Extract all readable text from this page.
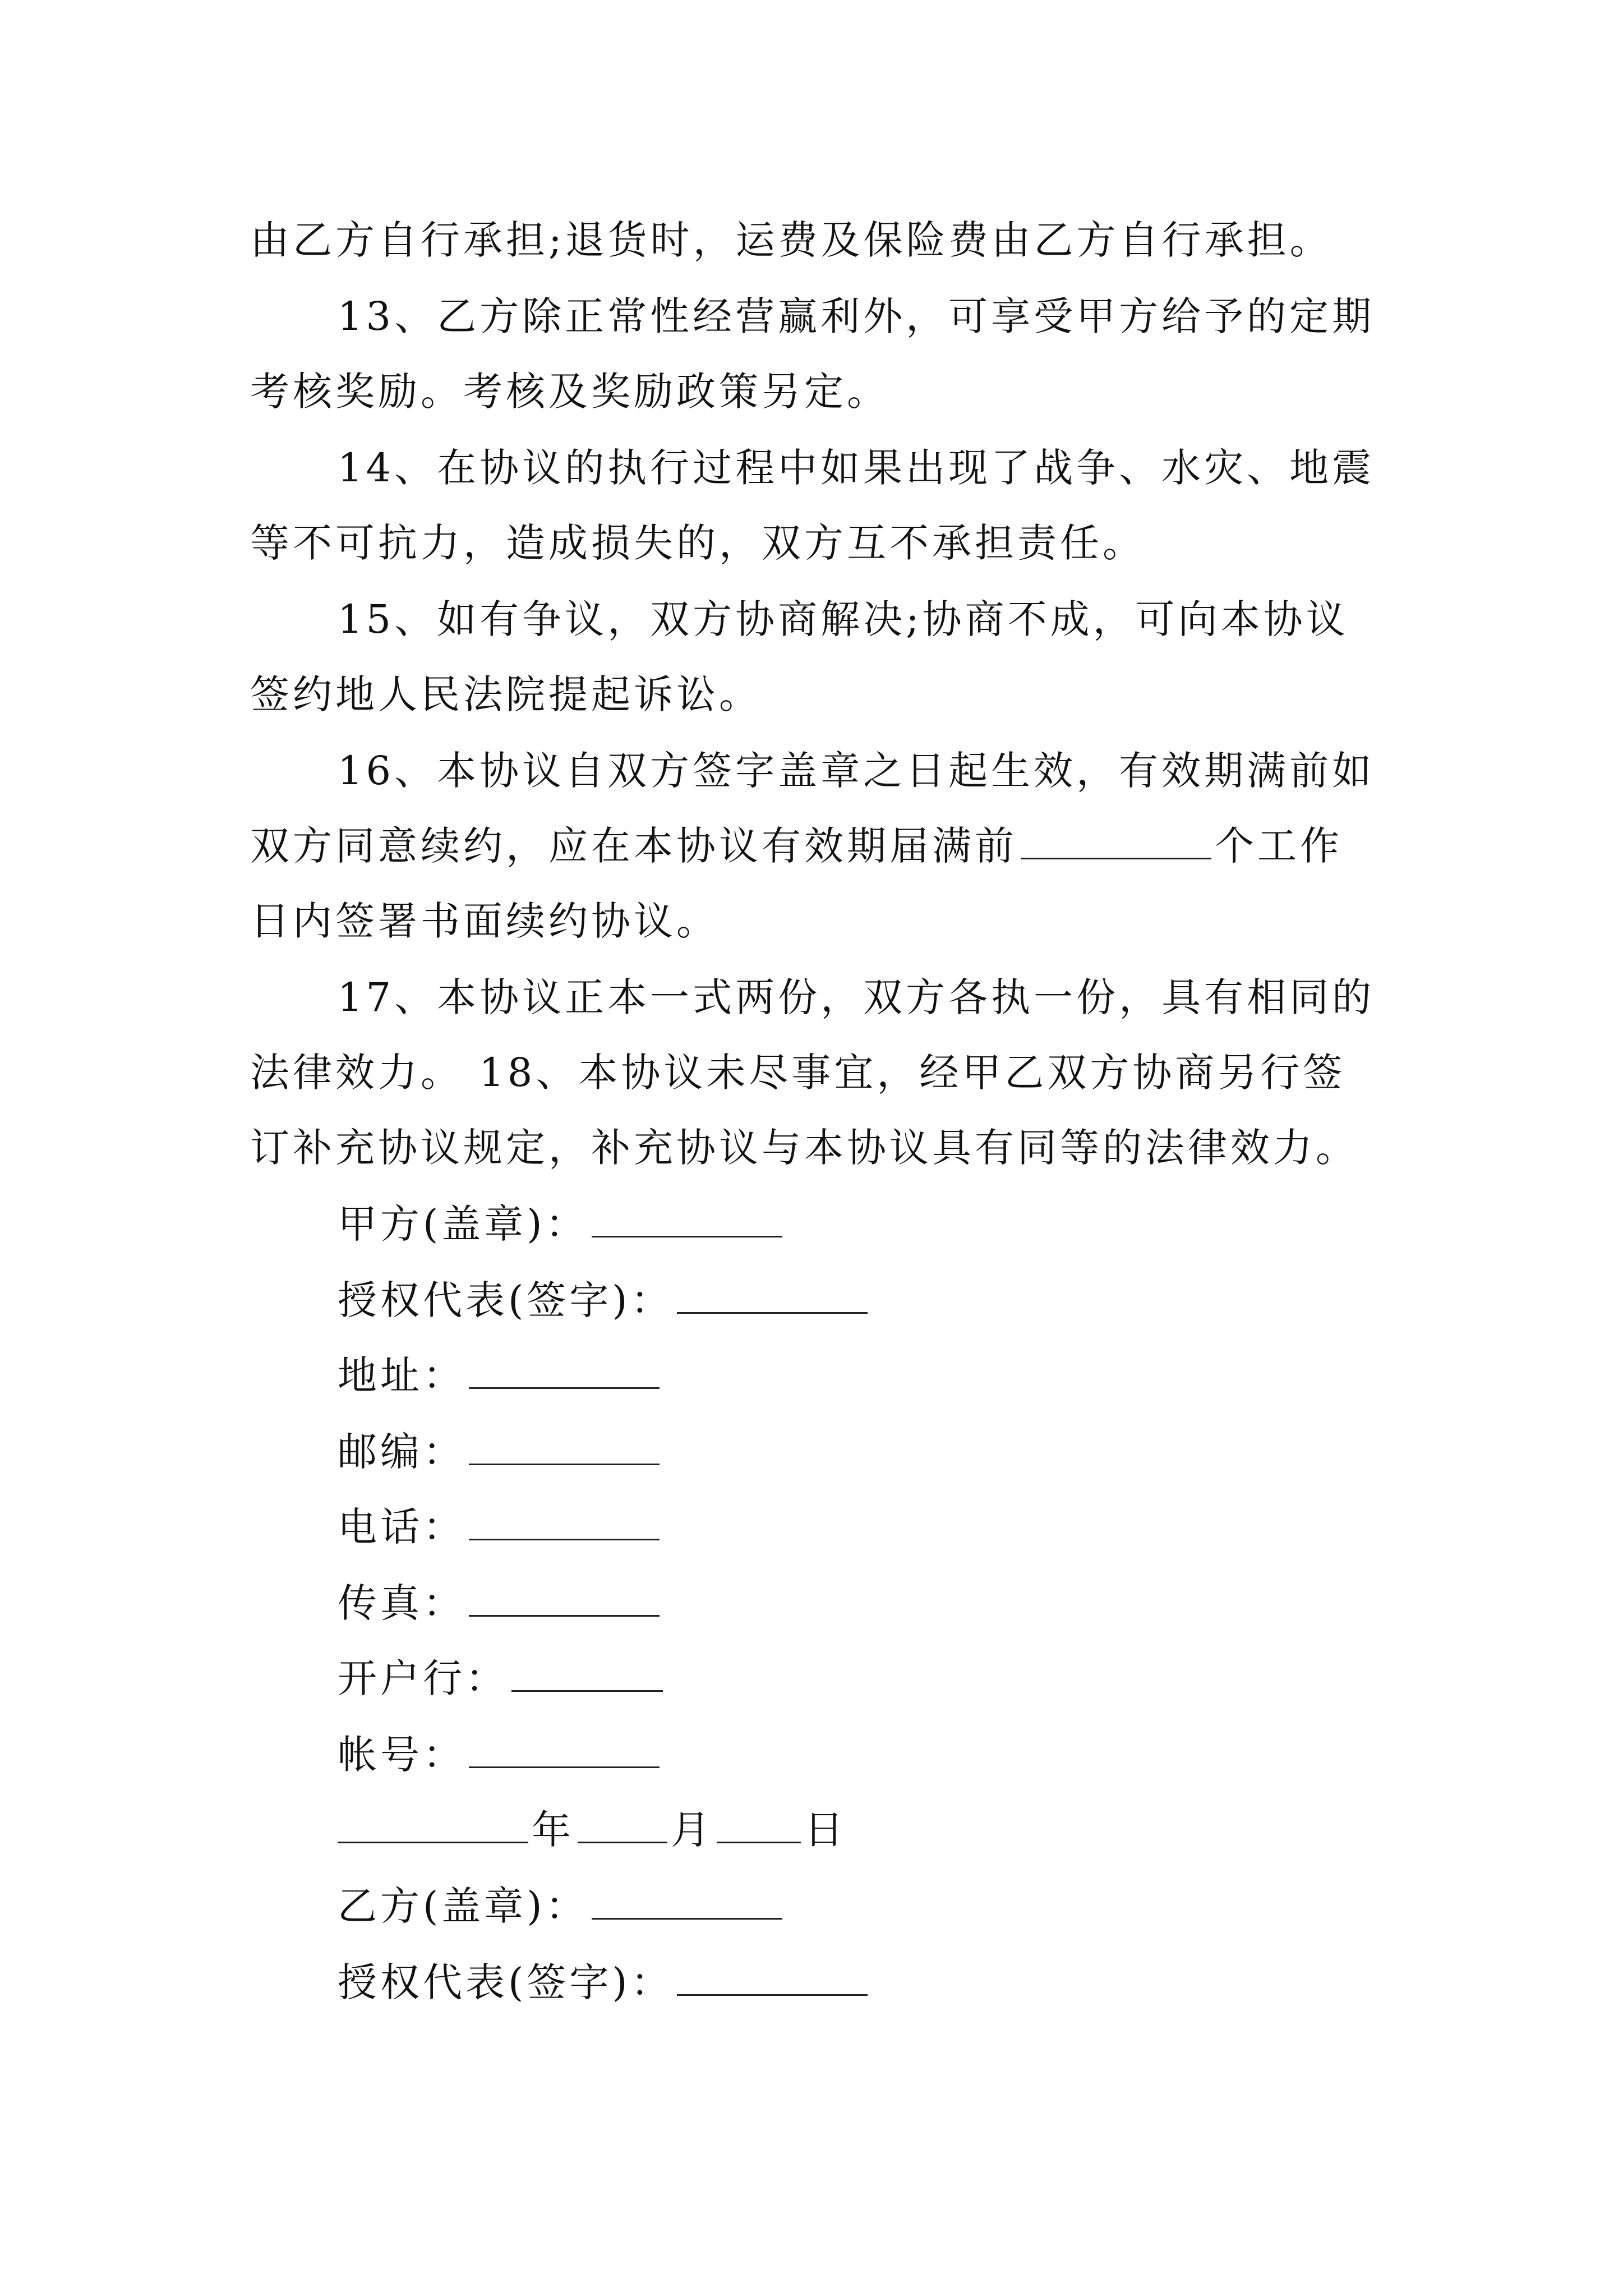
由乙方自行承担;退货时，运费及保险费由乙方自行承担。
13、乙方除正常性经营赢利外，可享受甲方给予的定期
考核奖励。考核及奖励政策另定。
14、在协议的执行过程中如果出现了战争、水灾、地震
等不可抗力，造成损失的，双方互不承担责任。
15、如有争议，双方协商解决;协商不成，可向本协议
签约地人民法院提起诉讼。
16、本协议自双方签字盖章之日起生效，有效期满前如
双方同意续约，应在本协议有效期届满前	个工作
日内签署书面续约协议。
17、本协议正本一式两份，双方各执一份，具有相同的
法律效力。 18、本协议未尽事宜，经甲乙双方协商另行签
订补充协议规定，补充协议与本协议具有同等的法律效力。
甲方(盖章)：
授权代表(签字)：
地址：
邮编：
电话：
传真：
开户行：
帐号：
年 月 日
乙方(盖章)：
授权代表(签字)：
